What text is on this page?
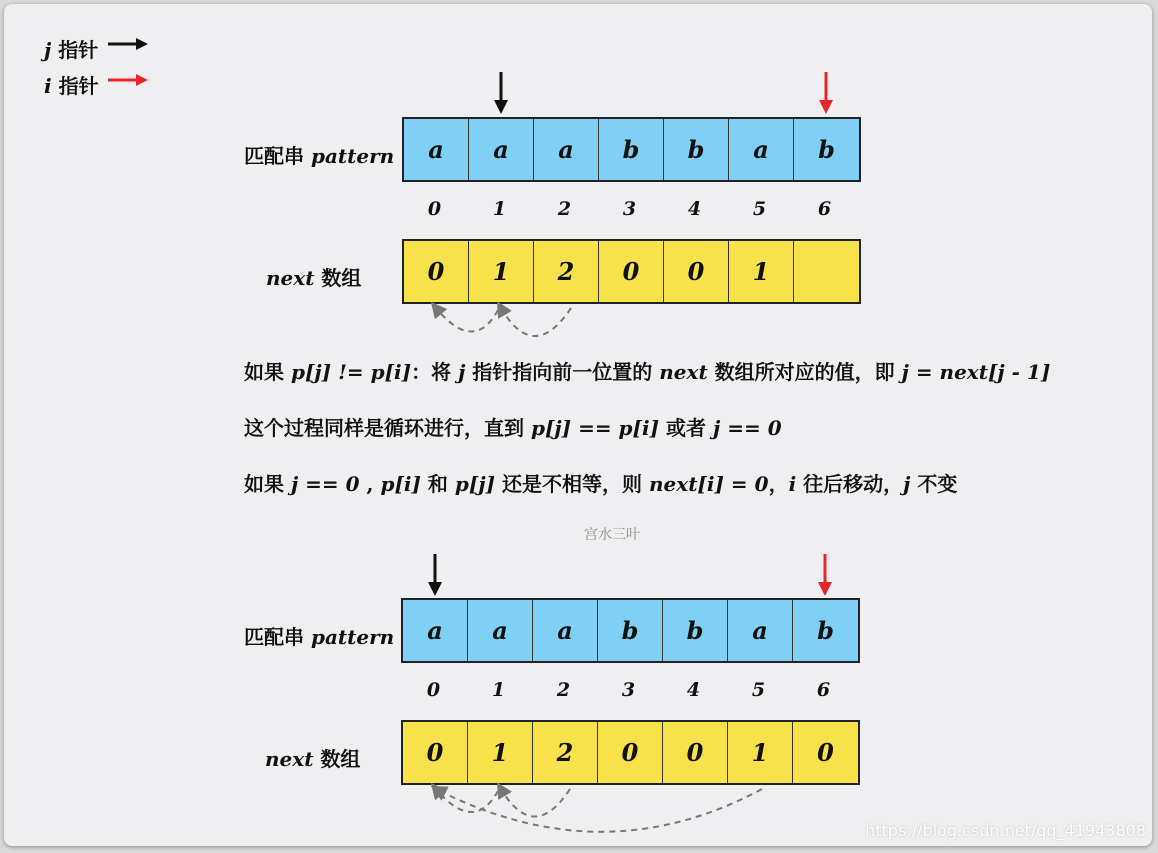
j 指针
i 指针
匹配串 pattern	a	a	a	b	b	a	b
0	1	2	3	4	5	6
next 数组	0	1	2	0	0	1
如果 p[j] != p[i]：将 j 指针指向前一位置的 next 数组所对应的值，即 j = next[j - 1]
这个过程同样是循环进行，直到 p[j] == p[i] 或者 j == 0
如果 j == 0 , p[i] 和 p[j] 还是不相等，则 next[i] = 0，i 往后移动，j 不变
宫水三叶
匹配串 pattern	a	a	a	b	b	a	b
0	1	2	3	4	5	6
next 数组	0	1	2	0	0	1	0
https://blog.csdn.net/qq_41943808
